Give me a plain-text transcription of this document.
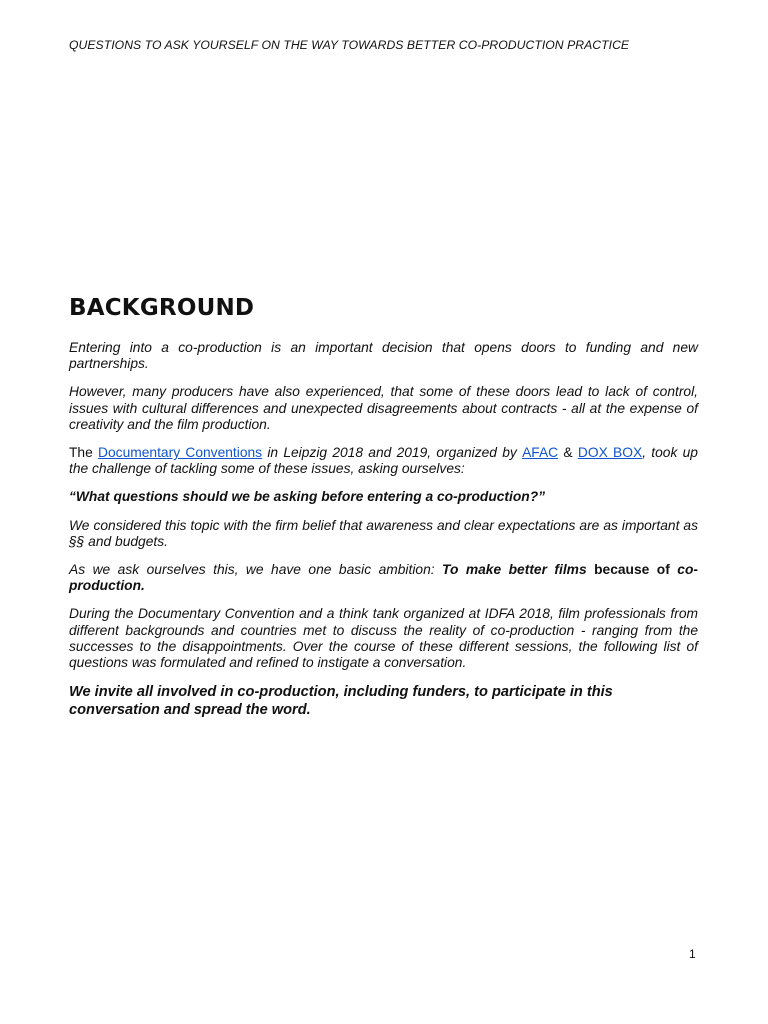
QUESTIONS TO ASK YOURSELF ON THE WAY TOWARDS BETTER CO-PRODUCTION PRACTICE
BACKGROUND

Entering into a co-production is an important decision that opens doors to funding and new partnerships.

However, many producers have also experienced, that some of these doors lead to lack of control, issues with cultural differences and unexpected disagreements about contracts - all at the expense of creativity and the film production.

The Documentary Conventions in Leipzig 2018 and 2019, organized by AFAC & DOX BOX, took up the challenge of tackling some of these issues, asking ourselves:

“What questions should we be asking before entering a co-production?”

We considered this topic with the firm belief that awareness and clear expectations are as important as §§ and budgets.

As we ask ourselves this, we have one basic ambition: To make better films because of co-production.

During the Documentary Convention and a think tank organized at IDFA 2018, film professionals from different backgrounds and countries met to discuss the reality of co-production - ranging from the successes to the disappointments. Over the course of these different sessions, the following list of questions was formulated and refined to instigate a conversation.

We invite all involved in co-production, including funders, to participate in this conversation and spread the word.

1
